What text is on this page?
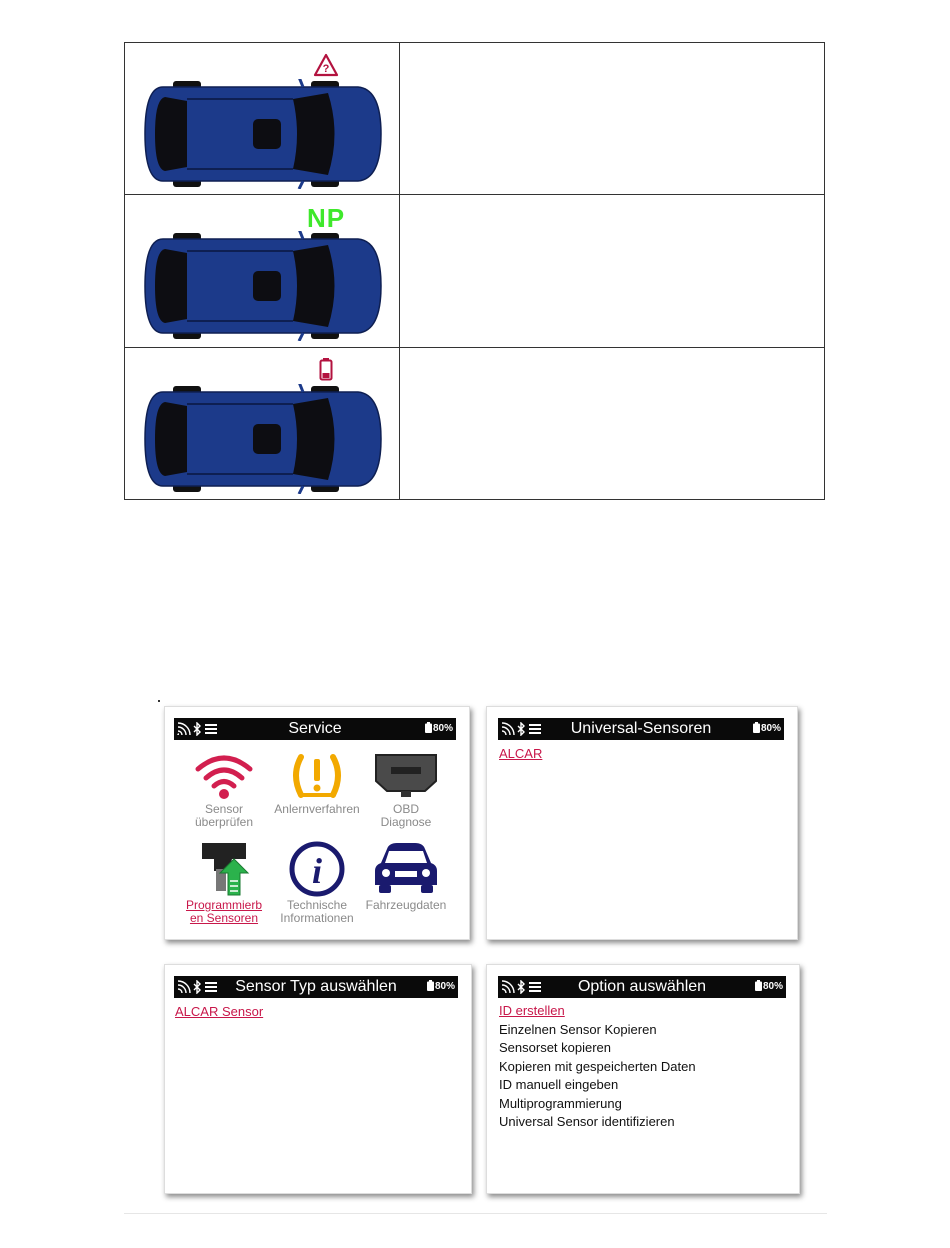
?	

NP	

Service	80%
Sensor
überprüfen
Anlernverfahren	OBD
Diagnose
Programmierb
en Sensoren
i
Technische
Informationen
Fahrzeugdaten
Universal-Sensoren	80%
ALCAR
Sensor Typ auswählen	80%
ALCAR Sensor
Option auswählen	80%
ID erstellen
Einzelnen Sensor Kopieren
Sensorset kopieren
Kopieren mit gespeicherten Daten
ID manuell eingeben
Multiprogrammierung
Universal Sensor identifizieren
